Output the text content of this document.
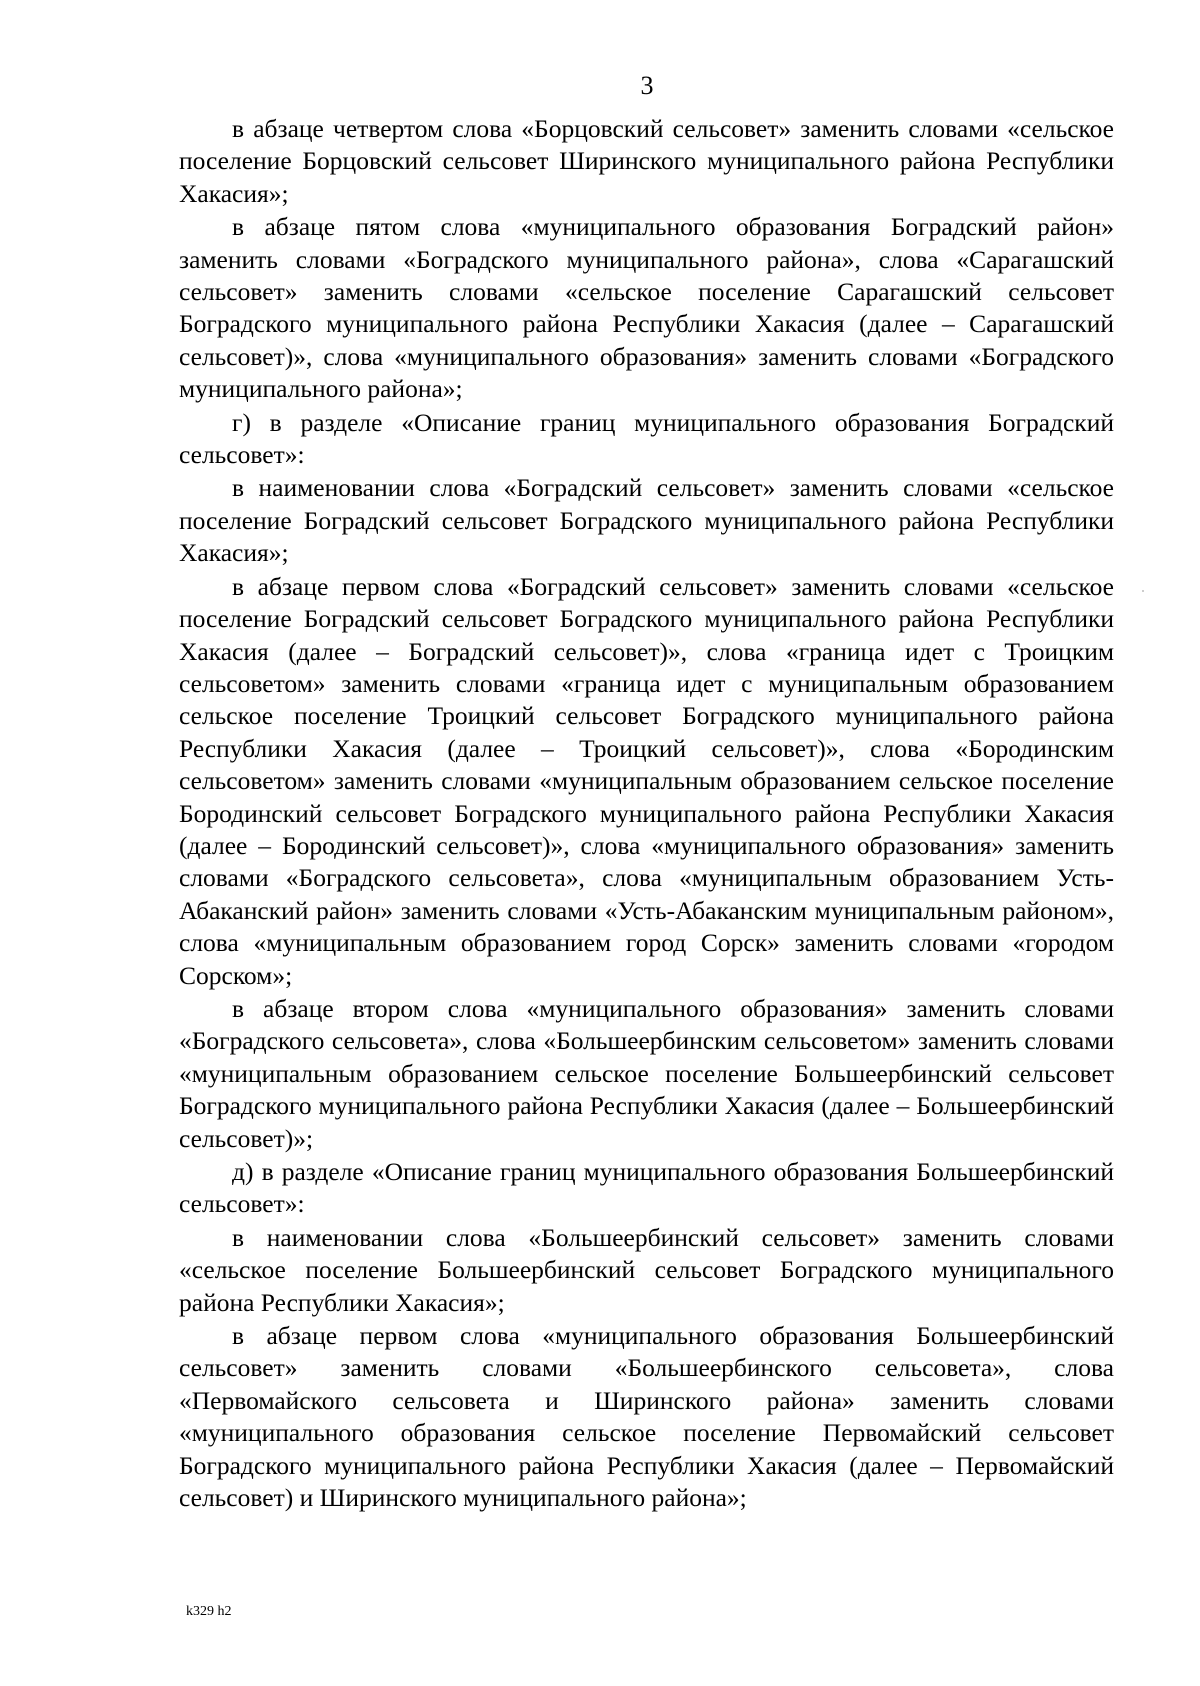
3

в абзаце четвертом слова «Борцовский сельсовет» заменить словами «сельское поселение Борцовский сельсовет Ширинского муниципального района Республики Хакасия»;

в абзаце пятом слова «муниципального образования Боградский район» заменить словами «Боградского муниципального района», слова «Сарагашский сельсовет» заменить словами «сельское поселение Сарагашский сельсовет Боградского муниципального района Республики Хакасия (далее – Сарагашский сельсовет)», слова «муниципального образования» заменить словами «Боградского муниципального района»;

г) в разделе «Описание границ муниципального образования Боградский сельсовет»:

в наименовании слова «Боградский сельсовет» заменить словами «сельское поселение Боградский сельсовет Боградского муниципального района Республики Хакасия»;

в абзаце первом слова «Боградский сельсовет» заменить словами «сельское поселение Боградский сельсовет Боградского муниципального района Республики Хакасия (далее – Боградский сельсовет)», слова «граница идет с Троицким сельсоветом» заменить словами «граница идет с муниципальным образованием сельское поселение Троицкий сельсовет Боградского муниципального района Республики Хакасия (далее – Троицкий сельсовет)», слова «Бородинским сельсоветом» заменить словами «муниципальным образованием сельское поселение Бородинский сельсовет Боградского муниципального района Республики Хакасия (далее – Бородинский сельсовет)», слова «муниципального образования» заменить словами «Боградского сельсовета», слова «муниципальным образованием Усть-Абаканский район» заменить словами «Усть-Абаканским муниципальным районом», слова «муниципальным образованием город Сорск» заменить словами «городом Сорском»;

в абзаце втором слова «муниципального образования» заменить словами «Боградского сельсовета», слова «Большеербинским сельсоветом» заменить словами «муниципальным образованием сельское поселение Большеербинский сельсовет Боградского муниципального района Республики Хакасия (далее – Большеербинский сельсовет)»;

д) в разделе «Описание границ муниципального образования Большеербинский сельсовет»:

в наименовании слова «Большеербинский сельсовет» заменить словами «сельское поселение Большеербинский сельсовет Боградского муниципального района Республики Хакасия»;

в абзаце первом слова «муниципального образования Большеербинский сельсовет» заменить словами «Большеербинского сельсовета», слова «Первомайского сельсовета и Ширинского района» заменить словами «муниципального образования сельское поселение Первомайский сельсовет Боградского муниципального района Республики Хакасия (далее – Первомайский сельсовет) и Ширинского муниципального района»;

k329 h2
